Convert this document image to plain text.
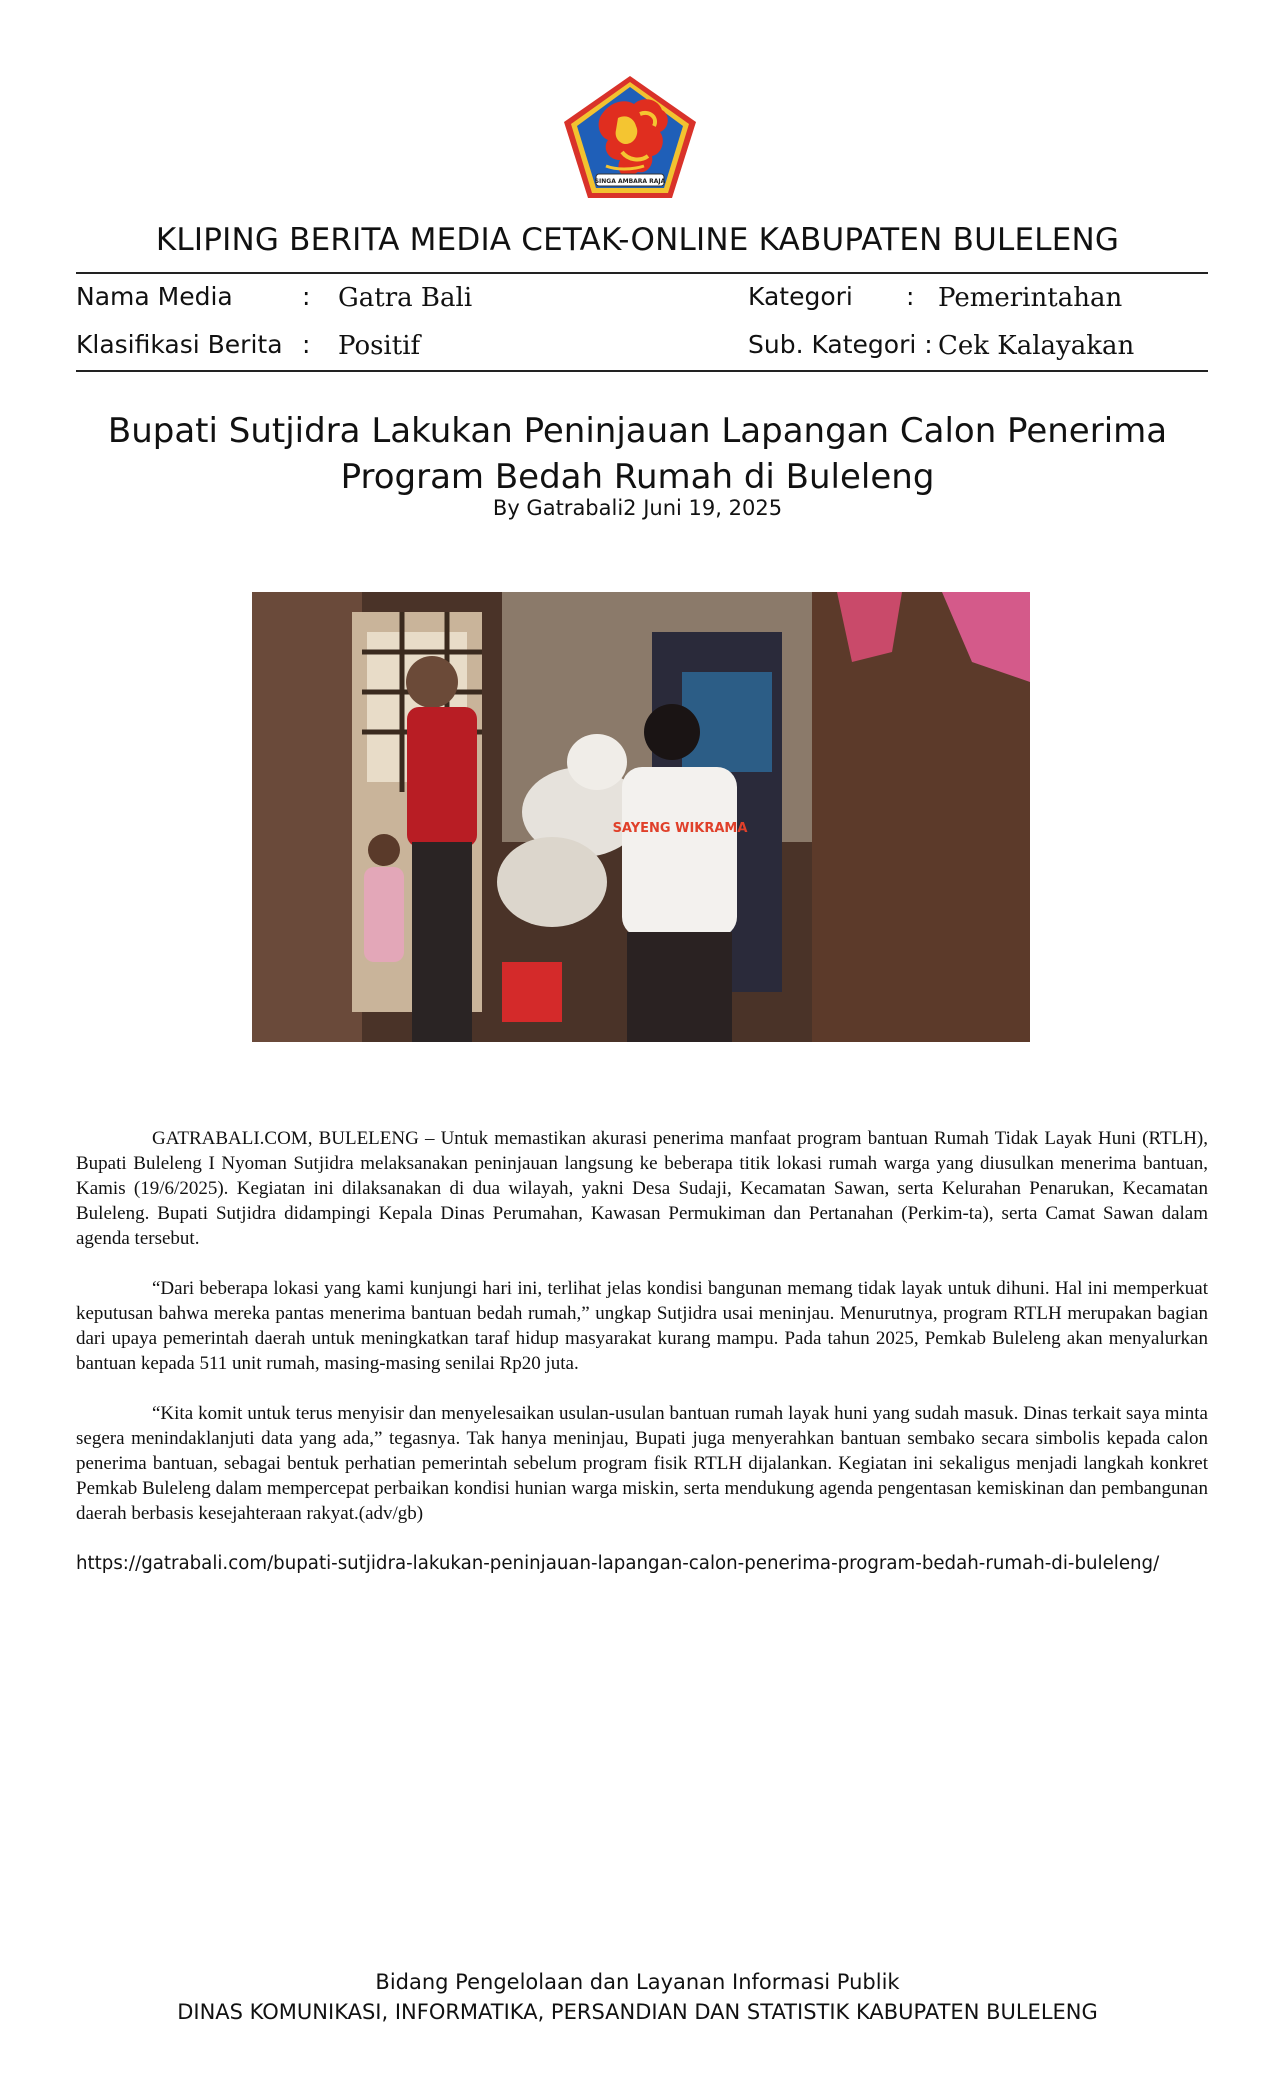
SINGA AMBARA RAJA
KLIPING BERITA MEDIA CETAK-ONLINE KABUPATEN BULELENG
Nama Media	: Gatra Bali	Kategori : Pemerintahan
Klasifikasi Berita : Positif	Sub. Kategori : Cek Kalayakan
Bupati Sutjidra Lakukan Peninjauan Lapangan Calon Penerima
Program Bedah Rumah di Buleleng
By Gatrabali2 Juni 19, 2025
SAYENG WIKRAMA

GATRABALI.COM, BULELENG – Untuk memastikan akurasi penerima manfaat program bantuan Rumah Tidak Layak Huni (RTLH), Bupati Buleleng I Nyoman Sutjidra melaksanakan peninjauan langsung ke beberapa titik lokasi rumah warga yang diusulkan menerima bantuan, Kamis (19/6/2025). Kegiatan ini dilaksanakan di dua wilayah, yakni Desa Sudaji, Kecamatan Sawan, serta Kelurahan Penarukan, Kecamatan Buleleng. Bupati Sutjidra didampingi Kepala Dinas Perumahan, Kawasan Permukiman dan Pertanahan (Perkim-ta), serta Camat Sawan dalam agenda tersebut.

“Dari beberapa lokasi yang kami kunjungi hari ini, terlihat jelas kondisi bangunan memang tidak layak untuk dihuni. Hal ini memperkuat keputusan bahwa mereka pantas menerima bantuan bedah rumah,” ungkap Sutjidra usai meninjau. Menurutnya, program RTLH merupakan bagian dari upaya pemerintah daerah untuk meningkatkan taraf hidup masyarakat kurang mampu. Pada tahun 2025, Pemkab Buleleng akan menyalurkan bantuan kepada 511 unit rumah, masing-masing senilai Rp20 juta.

“Kita komit untuk terus menyisir dan menyelesaikan usulan-usulan bantuan rumah layak huni yang sudah masuk. Dinas terkait saya minta segera menindaklanjuti data yang ada,” tegasnya. Tak hanya meninjau, Bupati juga menyerahkan bantuan sembako secara simbolis kepada calon penerima bantuan, sebagai bentuk perhatian pemerintah sebelum program fisik RTLH dijalankan. Kegiatan ini sekaligus menjadi langkah konkret Pemkab Buleleng dalam mempercepat perbaikan kondisi hunian warga miskin, serta mendukung agenda pengentasan kemiskinan dan pembangunan daerah berbasis kesejahteraan rakyat.(adv/gb)

https://gatrabali.com/bupati-sutjidra-lakukan-peninjauan-lapangan-calon-penerima-program-bedah-rumah-di-buleleng/
Bidang Pengelolaan dan Layanan Informasi Publik
DINAS KOMUNIKASI, INFORMATIKA, PERSANDIAN DAN STATISTIK KABUPATEN BULELENG
